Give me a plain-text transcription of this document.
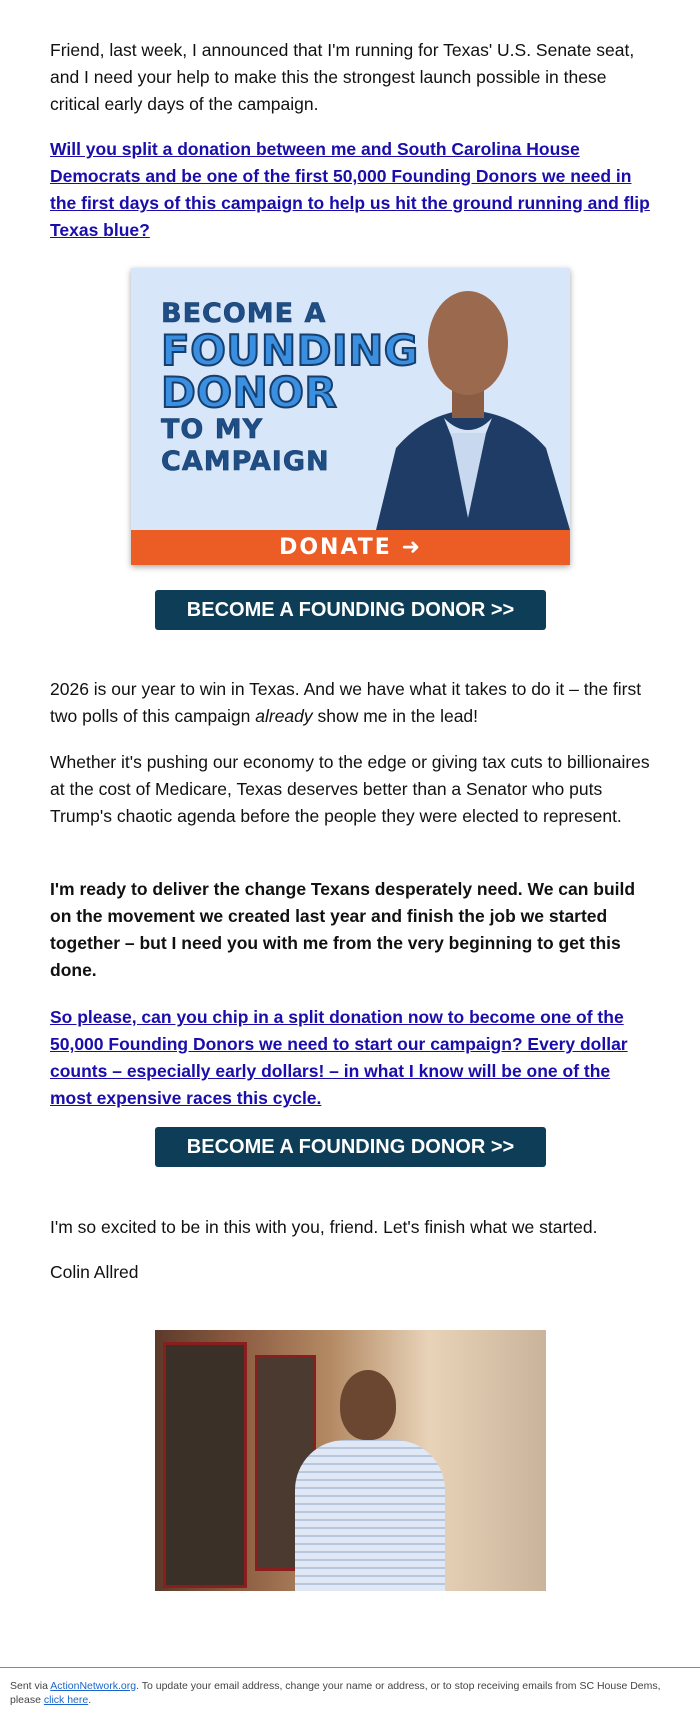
Friend, last week, I announced that I'm running for Texas' U.S. Senate seat, and I need your help to make this the strongest launch possible in these critical early days of the campaign.

Will you split a donation between me and South Carolina House Democrats and be one of the first 50,000 Founding Donors we need in the first days of this campaign to help us hit the ground running and flip Texas blue?

2026 is our year to win in Texas. And we have what it takes to do it – the first two polls of this campaign already show me in the lead!

Whether it's pushing our economy to the edge or giving tax cuts to billionaires at the cost of Medicare, Texas deserves better than a Senator who puts Trump's chaotic agenda before the people they were elected to represent.

I'm ready to deliver the change Texans desperately need. We can build on the movement we created last year and finish the job we started together – but I need you with me from the very beginning to get this done.

So please, can you chip in a split donation now to become one of the 50,000 Founding Donors we need to start our campaign? Every dollar counts – especially early dollars! – in what I know will be one of the most expensive races this cycle.

I'm so excited to be in this with you, friend. Let's finish what we started.

Colin Allred

BECOME A
FOUNDING
DONOR
TO MY
CAMPAIGN
DONATE ➜
BECOME A FOUNDING DONOR >>
BECOME A FOUNDING DONOR >>

Sent via ActionNetwork.org. To update your email address, change your name or address, or to stop receiving emails from SC House Dems, please click here.
